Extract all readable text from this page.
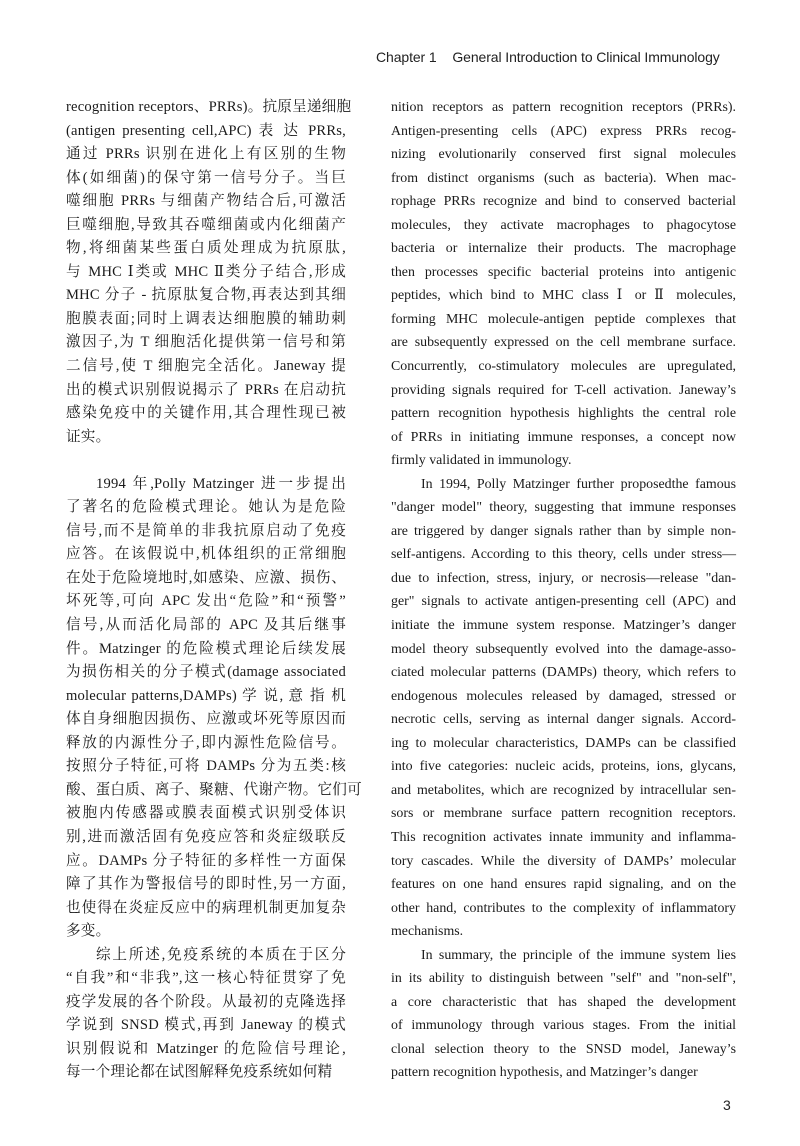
Chapter 1 General Introduction to Clinical Immunology
recognition receptors、PRRs)。抗原呈递细胞
(antigen presenting cell,APC) 表 达 PRRs,
通过 PRRs 识别在进化上有区别的生物
体(如细菌)的保守第一信号分子。当巨
噬细胞 PRRs 与细菌产物结合后,可激活
巨噬细胞,导致其吞噬细菌或内化细菌产
物,将细菌某些蛋白质处理成为抗原肽,
与 MHC Ⅰ类或 MHC Ⅱ类分子结合,形成
MHC 分子 - 抗原肽复合物,再表达到其细
胞膜表面;同时上调表达细胞膜的辅助刺
激因子,为 T 细胞活化提供第一信号和第
二信号,使 T 细胞完全活化。Janeway 提
出的模式识别假说揭示了 PRRs 在启动抗
感染免疫中的关键作用,其合理性现已被
证实。
1994 年,Polly Matzinger 进一步提出
了著名的危险模式理论。她认为是危险
信号,而不是简单的非我抗原启动了免疫
应答。在该假说中,机体组织的正常细胞
在处于危险境地时,如感染、应激、损伤、
坏死等,可向 APC 发出“危险”和“预警”
信号,从而活化局部的 APC 及其后继事
件。Matzinger 的危险模式理论后续发展
为损伤相关的分子模式(damage associated
molecular patterns,DAMPs) 学 说, 意 指 机
体自身细胞因损伤、应激或坏死等原因而
释放的内源性分子,即内源性危险信号。
按照分子特征,可将 DAMPs 分为五类:核
酸、蛋白质、离子、聚糖、代谢产物。它们可
被胞内传感器或膜表面模式识别受体识
别,进而激活固有免疫应答和炎症级联反
应。DAMPs 分子特征的多样性一方面保
障了其作为警报信号的即时性,另一方面,
也使得在炎症反应中的病理机制更加复杂
多变。
综上所述,免疫系统的本质在于区分
“自我”和“非我”,这一核心特征贯穿了免
疫学发展的各个阶段。从最初的克隆选择
学说到 SNSD 模式,再到 Janeway 的模式
识别假说和 Matzinger 的危险信号理论,
每一个理论都在试图解释免疫系统如何精
nition receptors as pattern recognition receptors (PRRs).
Antigen-presenting cells (APC) express PRRs recog-
nizing evolutionarily conserved first signal molecules
from distinct organisms (such as bacteria). When mac-
rophage PRRs recognize and bind to conserved bacterial
molecules, they activate macrophages to phagocytose
bacteria or internalize their products. The macrophage
then processes specific bacterial proteins into antigenic
peptides, which bind to MHC class Ⅰ or Ⅱ molecules,
forming MHC molecule-antigen peptide complexes that
are subsequently expressed on the cell membrane surface.
Concurrently, co-stimulatory molecules are upregulated,
providing signals required for T-cell activation. Janeway’s
pattern recognition hypothesis highlights the central role
of PRRs in initiating immune responses, a concept now
firmly validated in immunology.
In 1994, Polly Matzinger further proposedthe famous
"danger model" theory, suggesting that immune responses
are triggered by danger signals rather than by simple non-
self-antigens. According to this theory, cells under stress—
due to infection, stress, injury, or necrosis—release "dan-
ger" signals to activate antigen-presenting cell (APC) and
initiate the immune system response. Matzinger’s danger
model theory subsequently evolved into the damage-asso-
ciated molecular patterns (DAMPs) theory, which refers to
endogenous molecules released by damaged, stressed or
necrotic cells, serving as internal danger signals. Accord-
ing to molecular characteristics, DAMPs can be classified
into five categories: nucleic acids, proteins, ions, glycans,
and metabolites, which are recognized by intracellular sen-
sors or membrane surface pattern recognition receptors.
This recognition activates innate immunity and inflamma-
tory cascades. While the diversity of DAMPs’ molecular
features on one hand ensures rapid signaling, and on the
other hand, contributes to the complexity of inflammatory
mechanisms.
In summary, the principle of the immune system lies
in its ability to distinguish between "self" and "non-self",
a core characteristic that has shaped the development
of immunology through various stages. From the initial
clonal selection theory to the SNSD model, Janeway’s
pattern recognition hypothesis, and Matzinger’s danger
3
